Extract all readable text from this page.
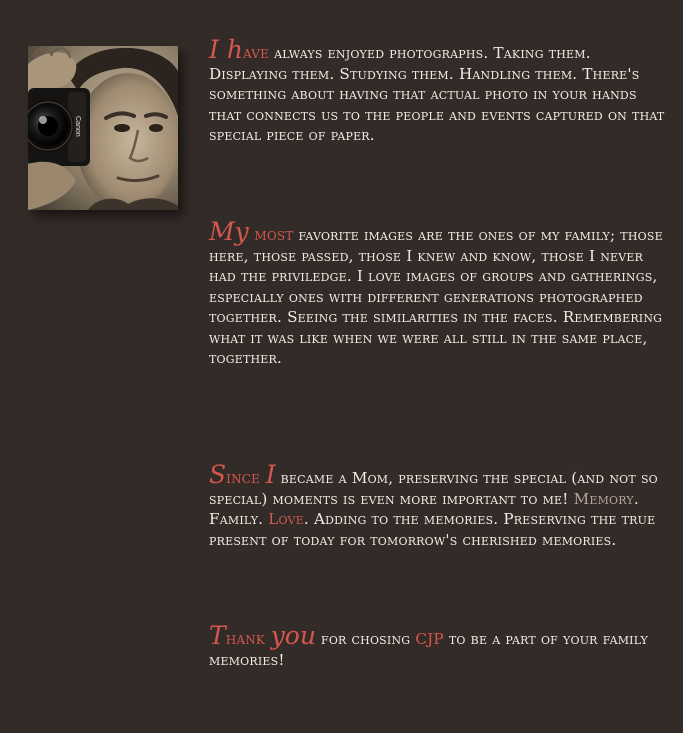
Canon

I have always enjoyed photographs. Taking them. Displaying them. Studying them. Handling them. There's something about having that actual photo in your hands that connects us to the people and events captured on that special piece of paper.

My most favorite images are the ones of my family; those here, those passed, those I knew and know, those I never had the priviledge. I love images of groups and gatherings, especially ones with different generations photographed together. Seeing the similarities in the faces. Remembering what it was like when we were all still in the same place, together.

Since I became a Mom, preserving the special (and not so special) moments is even more important to me! Memory. Family. Love. Adding to the memories. Preserving the true present of today for tomorrow's cherished memories.

Thank you for chosing CJP to be a part of your family memories!
